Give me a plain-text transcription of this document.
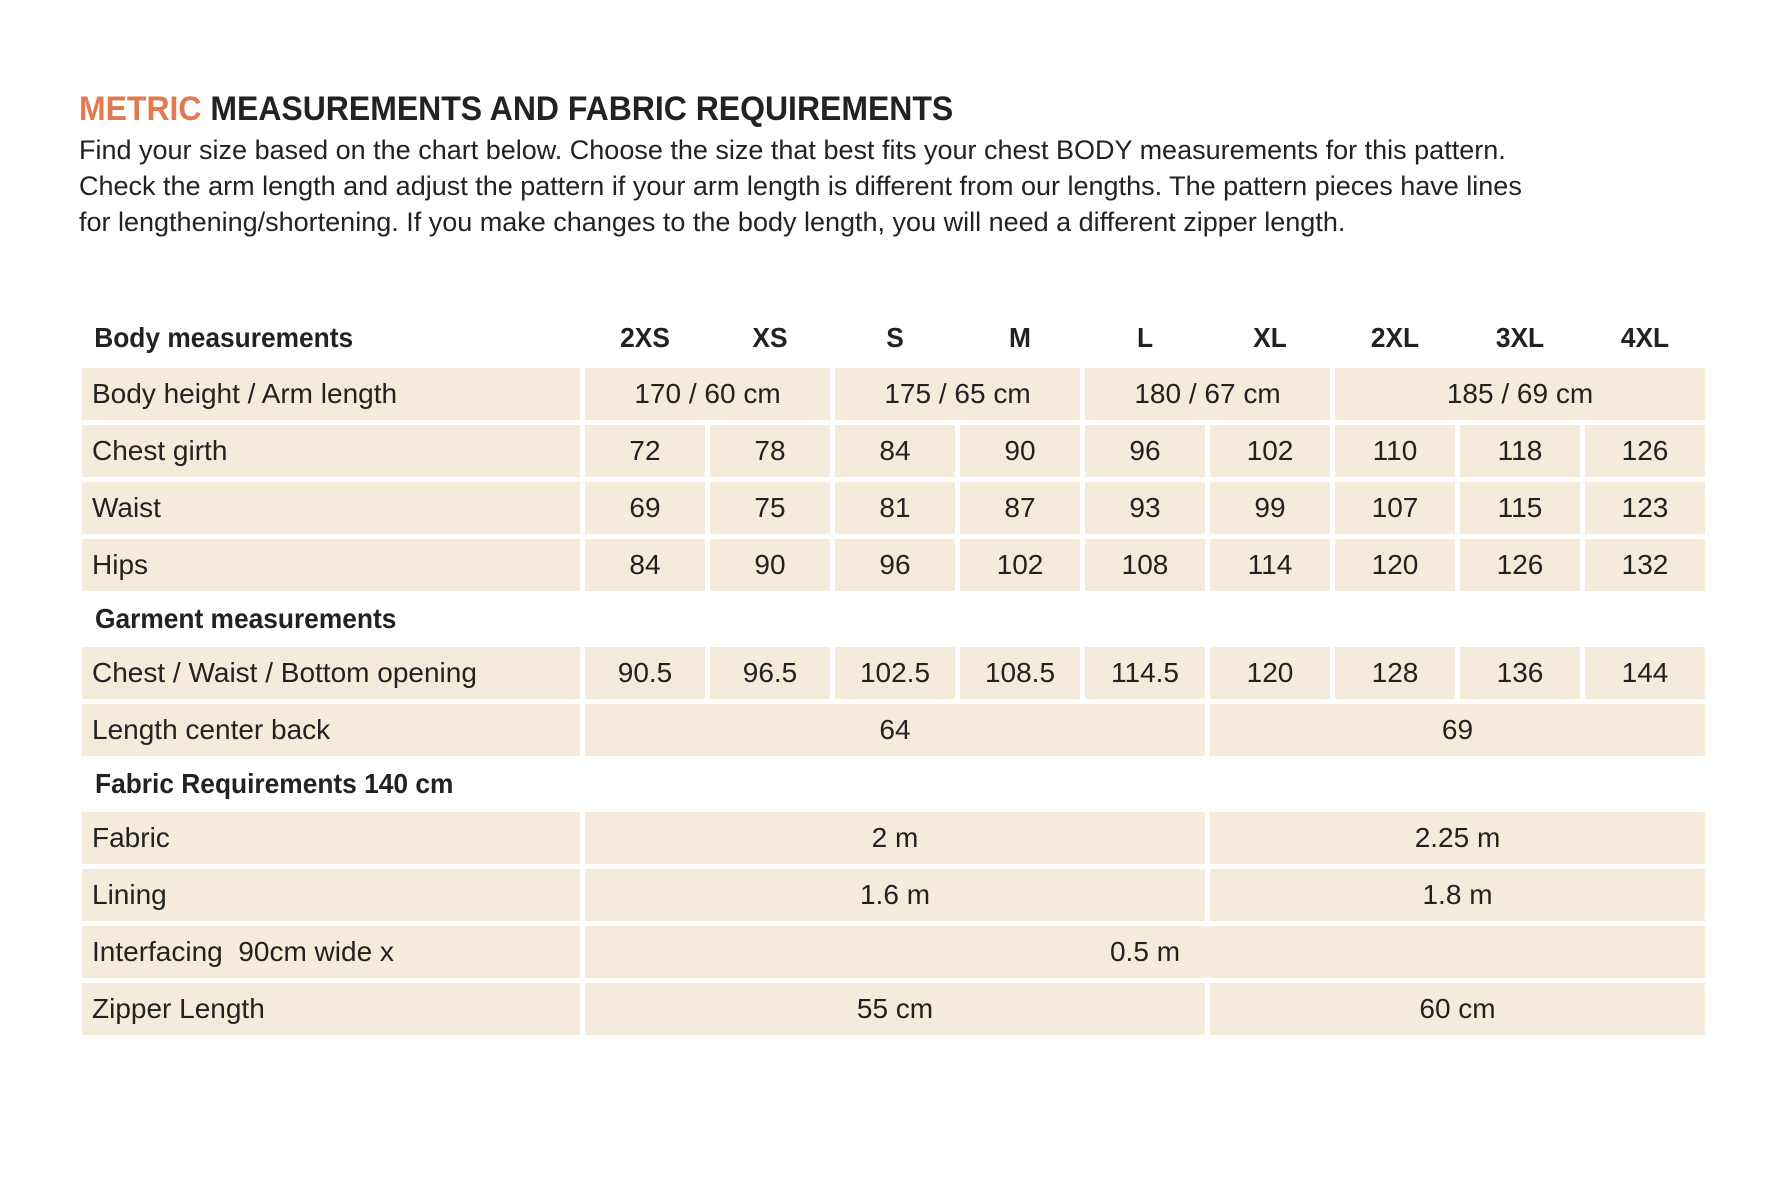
METRIC MEASUREMENTS AND FABRIC REQUIREMENTS

Find your size based on the chart below. Choose the size that best fits your chest BODY measurements for this pattern.

Check the arm length and adjust the pattern if your arm length is different from our lengths. The pattern pieces have lines

for lengthening/shortening. If you make changes to the body length, you will need a different zipper length.

Body measurements	2XS	XS	S	M	L	XL	2XL	3XL	4XL
Body height / Arm length	170 / 60 cm		175 / 65 cm		180 / 67 cm		185 / 69 cm		
Chest girth	72	78	84	90	96	102	110	118	126
Waist	69	75	81	87	93	99	107	115	123
Hips	84	90	96	102	108	114	120	126	132
Garment measurements									
Chest / Waist / Bottom opening	90.5	96.5	102.5	108.5	114.5	120	128	136	144
Length center back	64					69			
Fabric Requirements 140 cm									
Fabric	2 m					2.25 m			
Lining	1.6 m					1.8 m			
Interfacing  90cm wide x	0.5 m								
Zipper Length	55 cm					60 cm			
